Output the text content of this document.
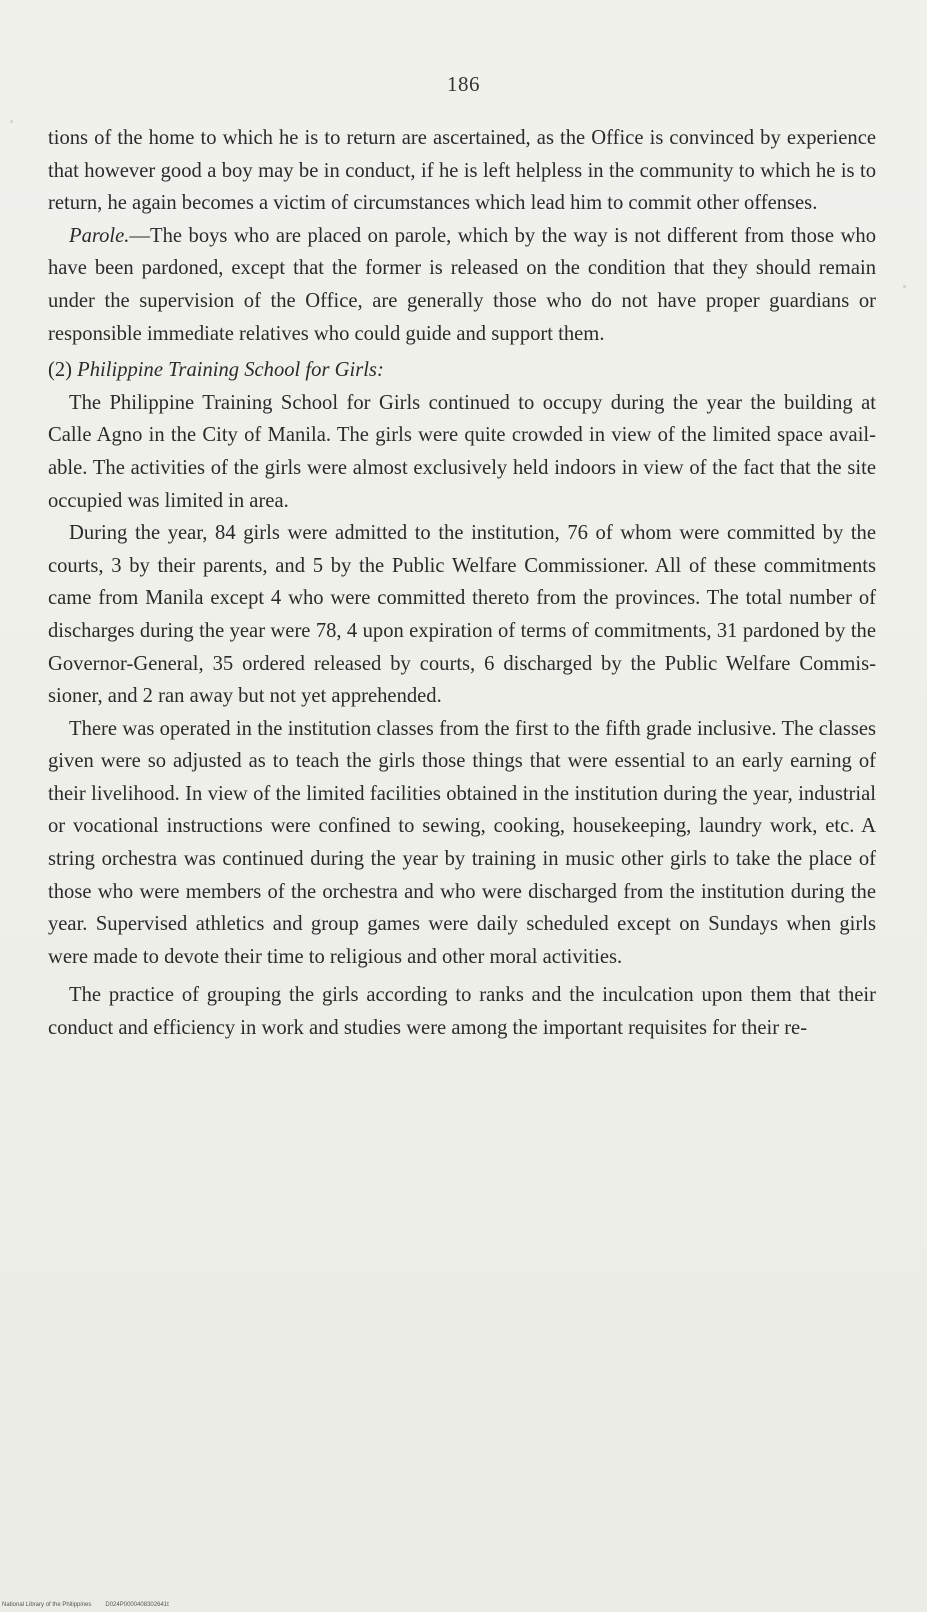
186

tions of the home to which he is to return are ascertained, as the Office is convinced by experience that however good a boy may be in conduct, if he is left helpless in the community to which he is to return, he again becomes a victim of circumstances which lead him to commit other offenses.

Parole.—The boys who are placed on parole, which by the way is not different from those who have been pardoned, except that the former is released on the condition that they should remain under the supervision of the Office, are generally those who do not have proper guardians or responsible immediate relatives who could guide and support them.

(2) Philippine Training School for Girls:

The Philippine Training School for Girls continued to occupy during the year the building at Calle Agno in the City of Manila. The girls were quite crowded in view of the limited space available. The activities of the girls were almost exclusively held indoors in view of the fact that the site occupied was limited in area.

During the year, 84 girls were admitted to the institution, 76 of whom were committed by the courts, 3 by their parents, and 5 by the Public Welfare Commissioner. All of these commitments came from Manila except 4 who were committed thereto from the provinces. The total number of discharges during the year were 78, 4 upon expiration of terms of commitments, 31 pardoned by the Governor-General, 35 ordered released by courts, 6 discharged by the Public Welfare Commissioner, and 2 ran away but not yet apprehended.

There was operated in the institution classes from the first to the fifth grade inclusive. The classes given were so adjusted as to teach the girls those things that were essential to an early earning of their livelihood. In view of the limited facilities obtained in the institution during the year, industrial or vocational instructions were confined to sewing, cooking, housekeeping, laundry work, etc. A string orchestra was continued during the year by training in music other girls to take the place of those who were members of the orchestra and who were discharged from the institution during the year. Supervised athletics and group games were daily scheduled except on Sundays when girls were made to devote their time to religious and other moral activities.

The practice of grouping the girls according to ranks and the inculcation upon them that their conduct and efficiency in work and studies were among the important requisites for their re-

National Library of the Philippines D024P0000408302641t
